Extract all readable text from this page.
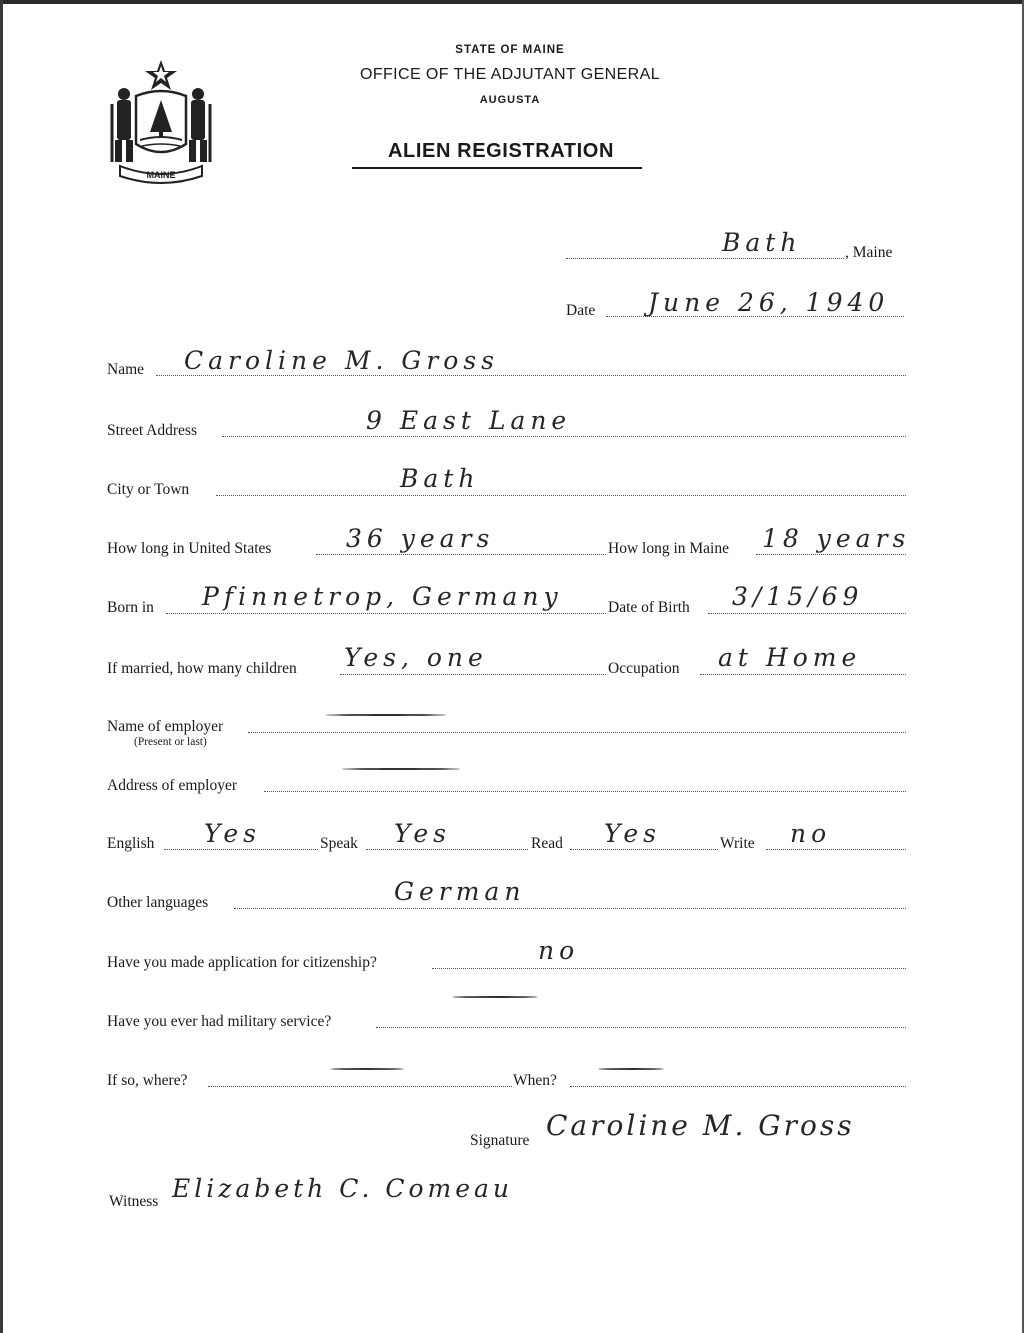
MAINE
STATE OF MAINE
OFFICE OF THE ADJUTANT GENERAL
AUGUSTA
ALIEN REGISTRATION
Bath	, Maine
Date June 26, 1940
Name Caroline M. Gross
Street Address	9 East Lane
City or Town	Bath
How long in United States	36 years	How long in Maine 18 years
Born in Pfinnetrop, Germany	Date of Birth 3/15/69
If married, how many children Yes, one	Occupation at Home
Name of employer
(Present or last)
Address of employer
English Yes	Speak Yes	Read Yes	Write no
Other languages	German
Have you made application for citizenship?	no
Have you ever had military service?
If so, where?	When?
Signature Caroline M. Gross
Witness Elizabeth C. Comeau
